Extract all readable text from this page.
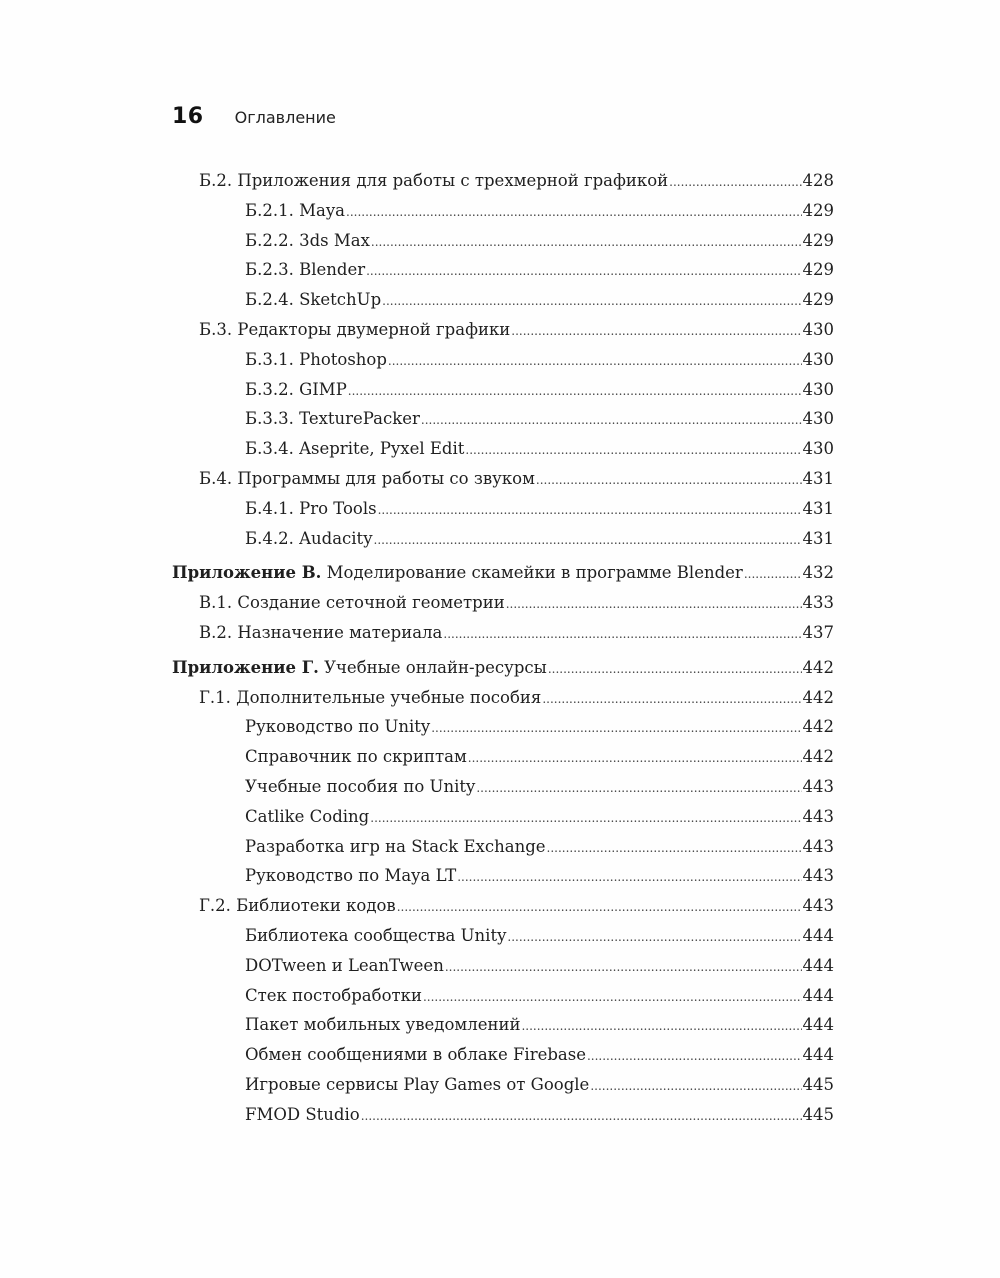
16 Оглавление
Б.2. Приложения для работы с трехмерной графикой .....	428
Б.2.1. Maya .....	429
Б.2.2. 3ds Max .....	429
Б.2.3. Blender .....	429
Б.2.4. SketchUp .....	429
Б.3. Редакторы двумерной графики .....	430
Б.3.1. Photoshop .....	430
Б.3.2. GIMP .....	430
Б.3.3. TexturePacker .....	430
Б.3.4. Aseprite, Pyxel Edit .....	430
Б.4. Программы для работы со звуком .....	431
Б.4.1. Pro Tools .....	431
Б.4.2. Audacity .....	431
Приложение В. Моделирование скамейки в программе Blender .....	432
В.1. Создание сеточной геометрии .....	433
В.2. Назначение материала .....	437
Приложение Г. Учебные онлайн-ресурсы .....	442
Г.1. Дополнительные учебные пособия .....	442
Руководство по Unity .....	442
Справочник по скриптам .....	442
Учебные пособия по Unity .....	443
Catlike Coding .....	443
Разработка игр на Stack Exchange .....	443
Руководство по Maya LT .....	443
Г.2. Библиотеки кодов .....	443
Библиотека сообщества Unity .....	444
DOTween и LeanTween .....	444
Стек постобработки .....	444
Пакет мобильных уведомлений .....	444
Обмен сообщениями в облаке Firebase .....	444
Игровые сервисы Play Games от Google .....	445
FMOD Studio .....	445
